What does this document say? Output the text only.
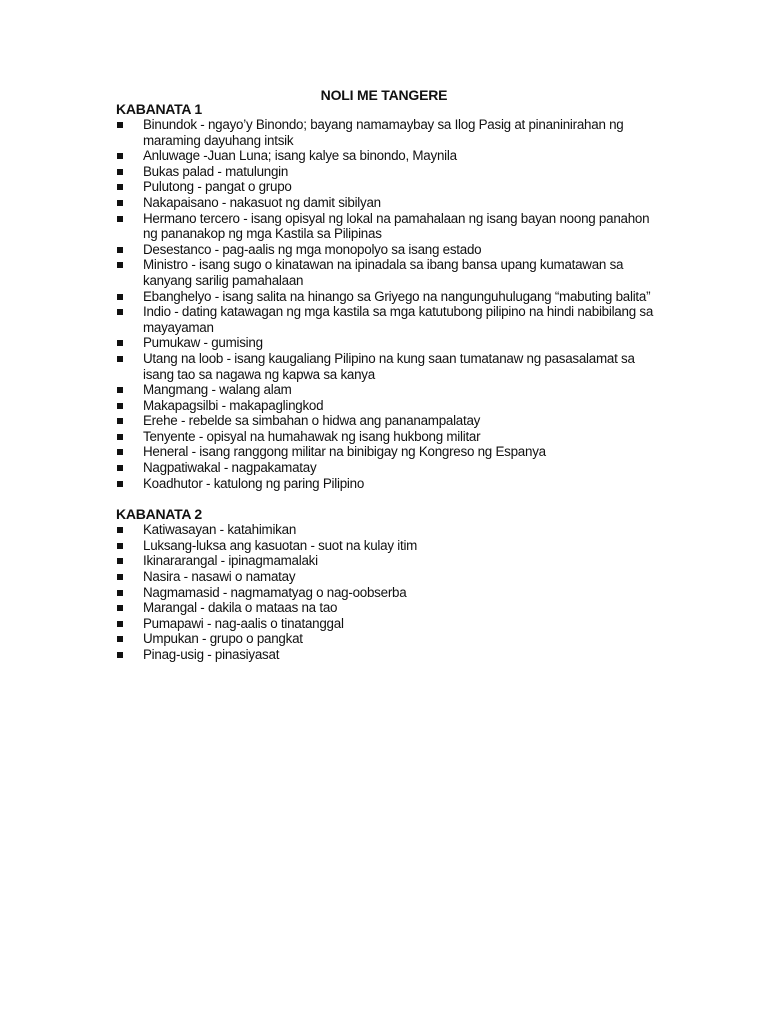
NOLI ME TANGERE
KABANATA 1
Binundok - ngayo’y Binondo; bayang namamaybay sa Ilog Pasig at pinaninirahan ng maraming dayuhang intsik
Anluwage -Juan Luna; isang kalye sa binondo, Maynila
Bukas palad - matulungin
Pulutong - pangat o grupo
Nakapaisano - nakasuot ng damit sibilyan
Hermano tercero - isang opisyal ng lokal na pamahalaan ng isang bayan noong panahon ng pananakop ng mga Kastila sa Pilipinas
Desestanco - pag-aalis ng mga monopolyo sa isang estado
Ministro - isang sugo o kinatawan na ipinadala sa ibang bansa upang kumatawan sa kanyang sarilig pamahalaan
Ebanghelyo - isang salita na hinango sa Griyego na nangunguhulugang “mabuting balita”
Indio - dating katawagan ng mga kastila sa mga katutubong pilipino na hindi nabibilang sa mayayaman
Pumukaw - gumising
Utang na loob - isang kaugaliang Pilipino na kung saan tumatanaw ng pasasalamat sa isang tao sa nagawa ng kapwa sa kanya
Mangmang - walang alam
Makapagsilbi - makapaglingkod
Erehe - rebelde sa simbahan o hidwa ang pananampalatay
Tenyente - opisyal na humahawak ng isang hukbong militar
Heneral - isang ranggong militar na binibigay ng Kongreso ng Espanya
Nagpatiwakal - nagpakamatay
Koadhutor - katulong ng paring Pilipino
KABANATA 2
Katiwasayan - katahimikan
Luksang-luksa ang kasuotan - suot na kulay itim
Ikinararangal - ipinagmamalaki
Nasira - nasawi o namatay
Nagmamasid - nagmamatyag o nag-oobserba
Marangal - dakila o mataas na tao
Pumapawi - nag-aalis o tinatanggal
Umpukan - grupo o pangkat
Pinag-usig - pinasiyasat
